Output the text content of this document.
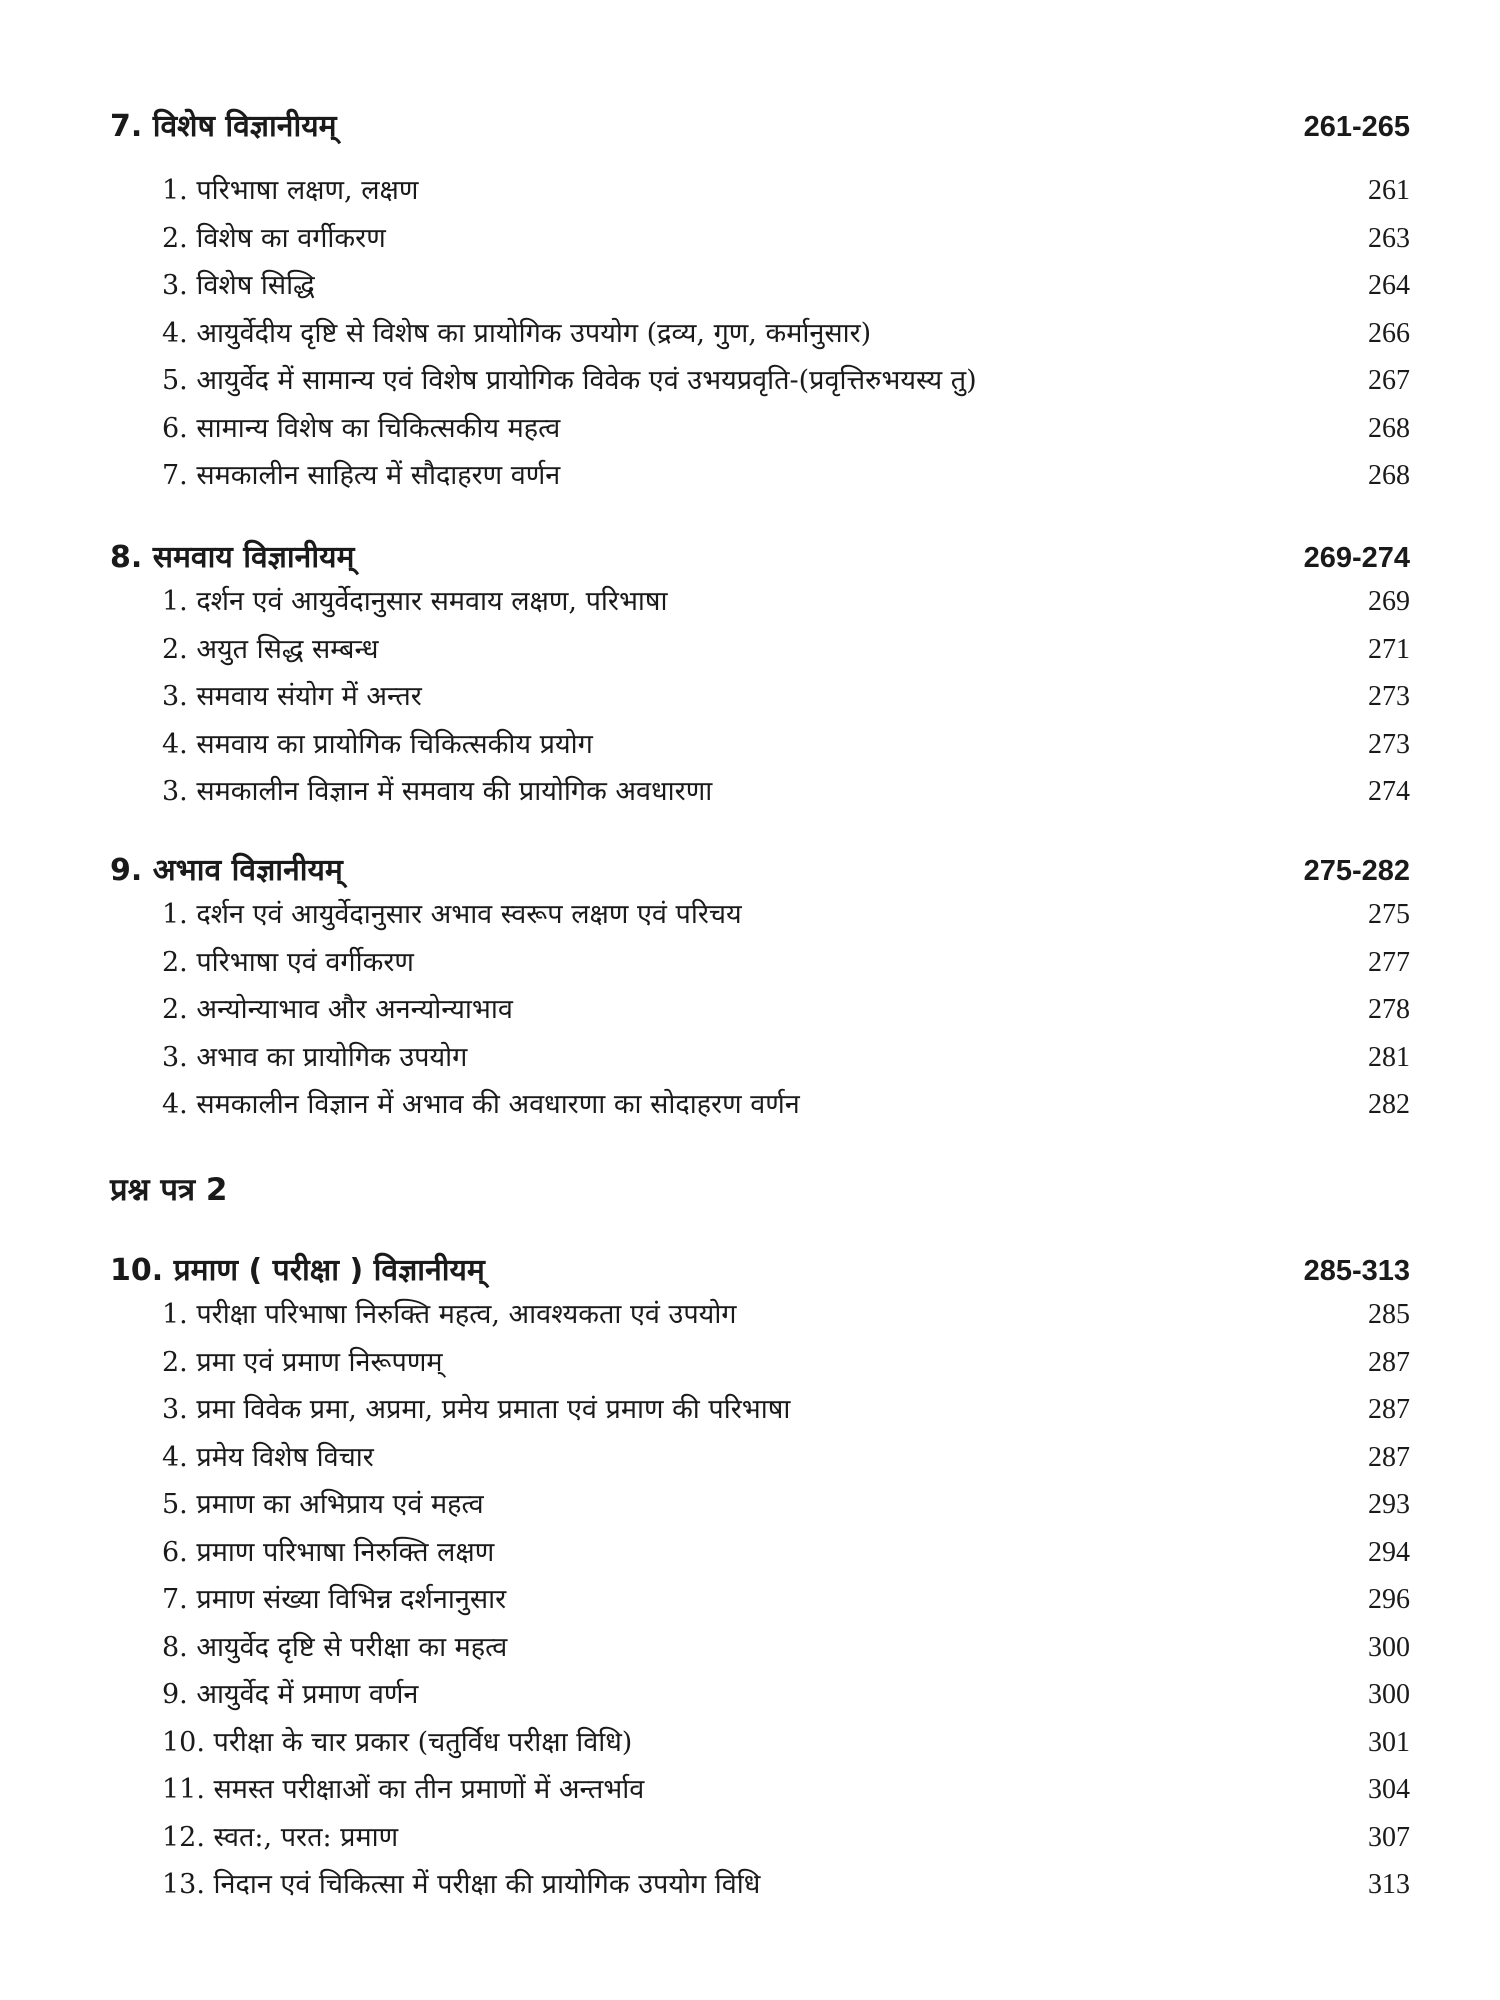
7. विशेष विज्ञानीयम्	261-265
1. परिभाषा लक्षण, लक्षण	261
2. विशेष का वर्गीकरण	263
3. विशेष सिद्धि	264
4. आयुर्वेदीय दृष्टि से विशेष का प्रायोगिक उपयोग (द्रव्य, गुण, कर्मानुसार)	266
5. आयुर्वेद में सामान्य एवं विशेष प्रायोगिक विवेक एवं उभयप्रवृति-(प्रवृत्तिरुभयस्य तु)	267
6. सामान्य विशेष का चिकित्सकीय महत्व	268
7. समकालीन साहित्य में सौदाहरण वर्णन	268
8. समवाय विज्ञानीयम्	269-274
1. दर्शन एवं आयुर्वेदानुसार समवाय लक्षण, परिभाषा	269
2. अयुत सिद्ध सम्बन्ध	271
3. समवाय संयोग में अन्तर	273
4. समवाय का प्रायोगिक चिकित्सकीय प्रयोग	273
3. समकालीन विज्ञान में समवाय की प्रायोगिक अवधारणा	274
9. अभाव विज्ञानीयम्	275-282
1. दर्शन एवं आयुर्वेदानुसार अभाव स्वरूप लक्षण एवं परिचय	275
2. परिभाषा एवं वर्गीकरण	277
2. अन्योन्याभाव और अनन्योन्याभाव	278
3. अभाव का प्रायोगिक उपयोग	281
4. समकालीन विज्ञान में अभाव की अवधारणा का सोदाहरण वर्णन	282
प्रश्न पत्र 2
10. प्रमाण ( परीक्षा ) विज्ञानीयम्	285-313
1. परीक्षा परिभाषा निरुक्ति महत्व, आवश्यकता एवं उपयोग	285
2. प्रमा एवं प्रमाण निरूपणम्	287
3. प्रमा विवेक प्रमा, अप्रमा, प्रमेय प्रमाता एवं प्रमाण की परिभाषा	287
4. प्रमेय विशेष विचार	287
5. प्रमाण का अभिप्राय एवं महत्व	293
6. प्रमाण परिभाषा निरुक्ति लक्षण	294
7. प्रमाण संख्या विभिन्न दर्शनानुसार	296
8. आयुर्वेद दृष्टि से परीक्षा का महत्व	300
9. आयुर्वेद में प्रमाण वर्णन	300
10. परीक्षा के चार प्रकार (चतुर्विध परीक्षा विधि)	301
11. समस्त परीक्षाओं का तीन प्रमाणों में अन्तर्भाव	304
12. स्वत:, परत: प्रमाण	307
13. निदान एवं चिकित्सा में परीक्षा की प्रायोगिक उपयोग विधि	313
